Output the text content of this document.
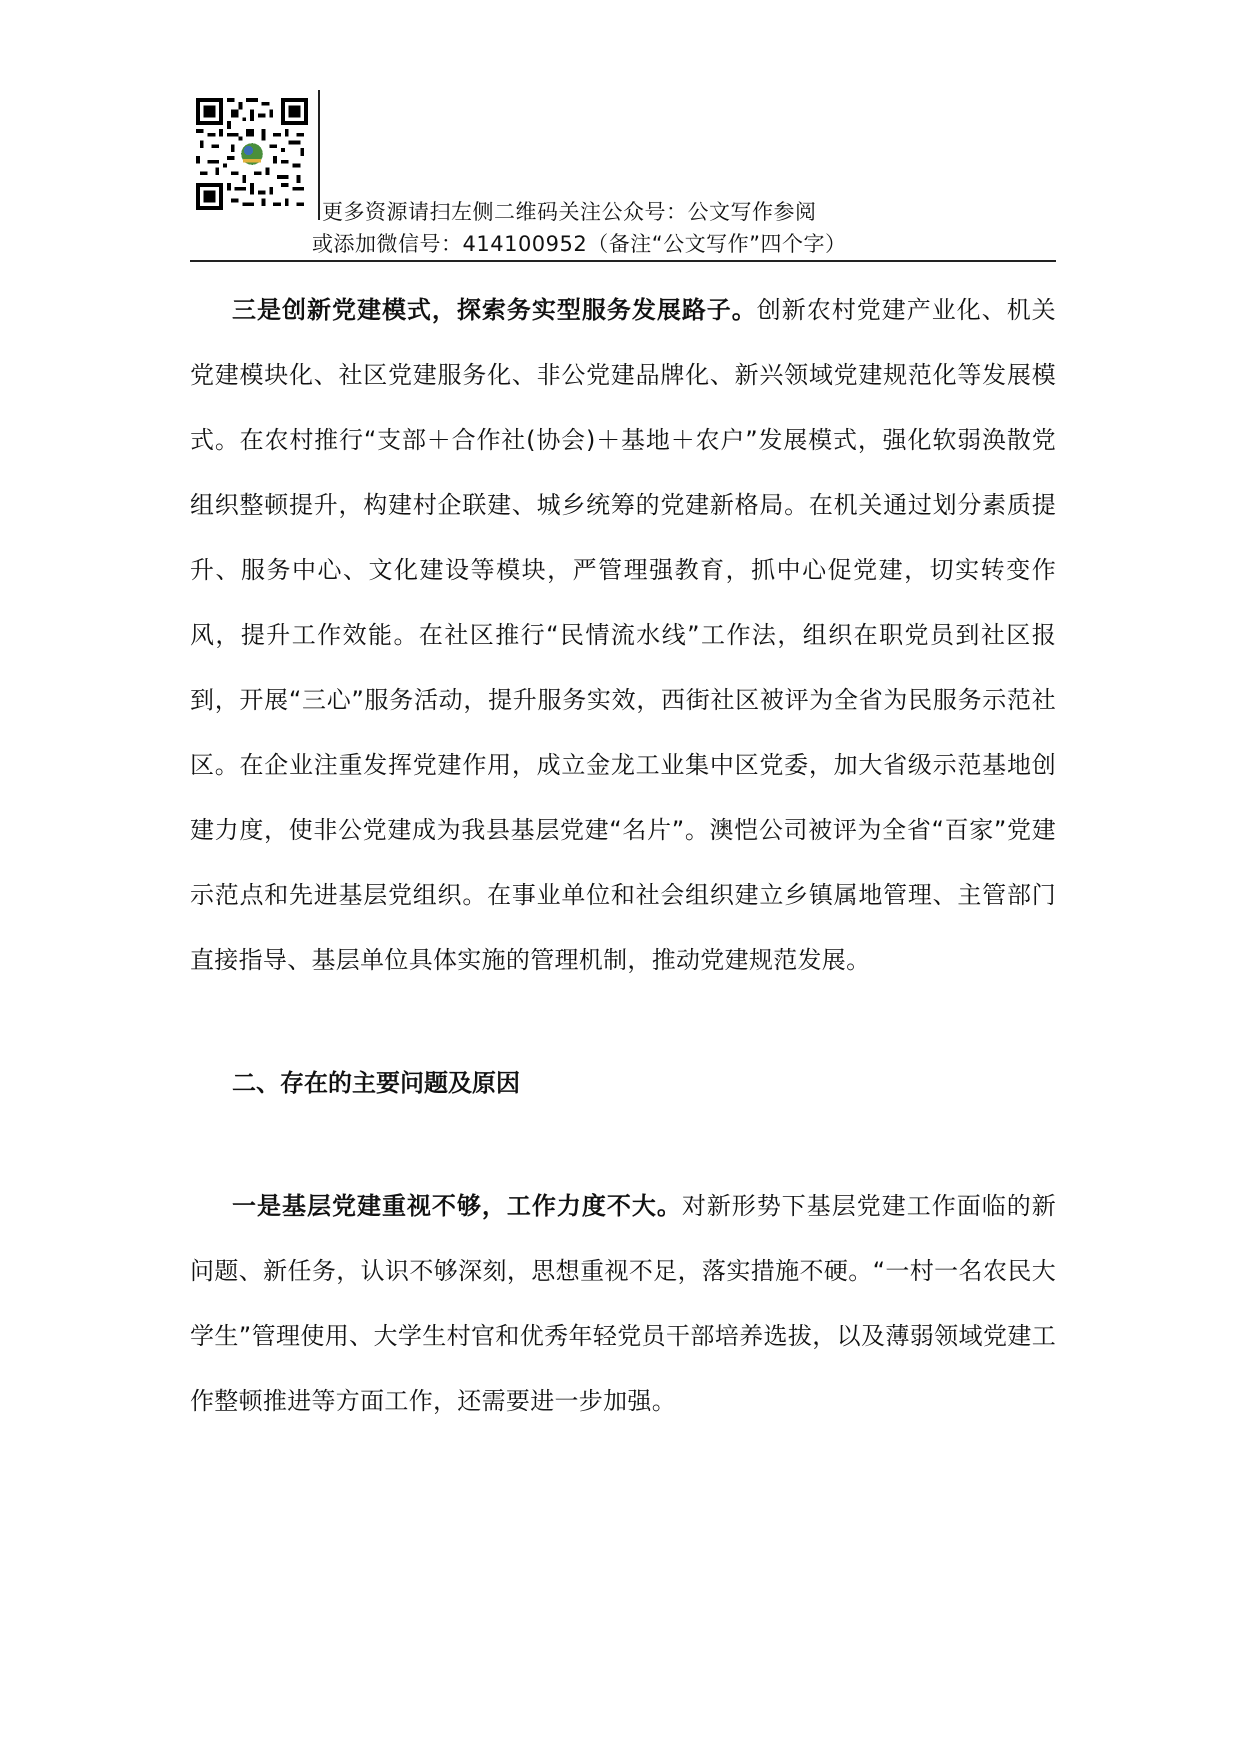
更多资源请扫左侧二维码关注公众号：公文写作参阅
或添加微信号：414100952（备注“公文写作”四个字）

三是创新党建模式，探索务实型服务发展路子。创新农村党建产业化、机关党建模块化、社区党建服务化、非公党建品牌化、新兴领域党建规范化等发展模式。在农村推行“支部＋合作社(协会)＋基地＋农户”发展模式，强化软弱涣散党组织整顿提升，构建村企联建、城乡统筹的党建新格局。在机关通过划分素质提升、服务中心、文化建设等模块，严管理强教育，抓中心促党建，切实转变作风，提升工作效能。在社区推行“民情流水线”工作法，组织在职党员到社区报到，开展“三心”服务活动，提升服务实效，西街社区被评为全省为民服务示范社区。在企业注重发挥党建作用，成立金龙工业集中区党委，加大省级示范基地创建力度，使非公党建成为我县基层党建“名片”。澳恺公司被评为全省“百家”党建示范点和先进基层党组织。在事业单位和社会组织建立乡镇属地管理、主管部门直接指导、基层单位具体实施的管理机制，推动党建规范发展。

二、存在的主要问题及原因

一是基层党建重视不够，工作力度不大。对新形势下基层党建工作面临的新问题、新任务，认识不够深刻，思想重视不足，落实措施不硬。“一村一名农民大学生”管理使用、大学生村官和优秀年轻党员干部培养选拔，以及薄弱领域党建工作整顿推进等方面工作，还需要进一步加强。
